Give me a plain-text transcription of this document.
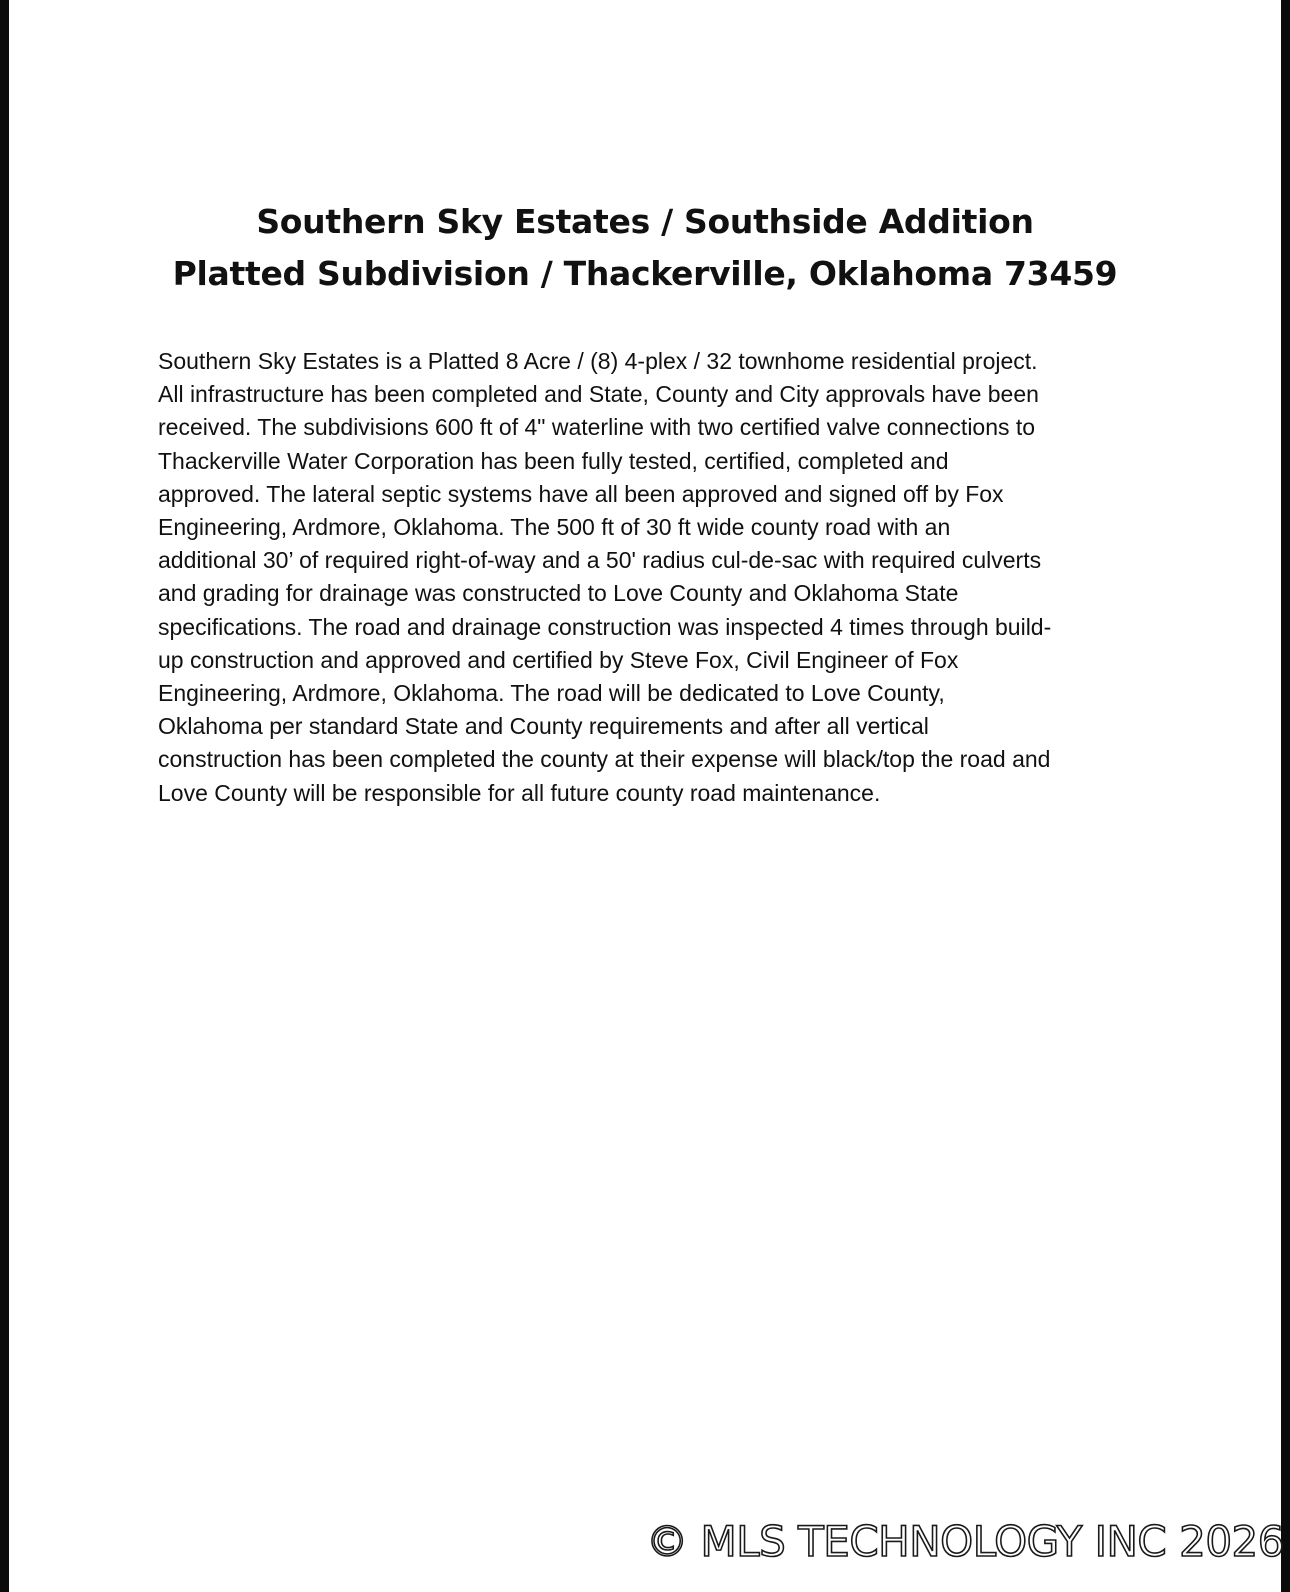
Southern Sky Estates / Southside Addition
Platted Subdivision / Thackerville, Oklahoma 73459
Southern Sky Estates is a Platted 8 Acre / (8) 4-plex / 32 townhome residential project.
All infrastructure has been completed and State, County and City approvals have been
received. The subdivisions 600 ft of 4" waterline with two certified valve connections to
Thackerville Water Corporation has been fully tested, certified, completed and
approved. The lateral septic systems have all been approved and signed off by Fox
Engineering, Ardmore, Oklahoma. The 500 ft of 30 ft wide county road with an
additional 30’ of required right-of-way and a 50' radius cul-de-sac with required culverts
and grading for drainage was constructed to Love County and Oklahoma State
specifications. The road and drainage construction was inspected 4 times through build-
up construction and approved and certified by Steve Fox, Civil Engineer of Fox
Engineering, Ardmore, Oklahoma. The road will be dedicated to Love County,
Oklahoma per standard State and County requirements and after all vertical
construction has been completed the county at their expense will black/top the road and
Love County will be responsible for all future county road maintenance.
© MLS TECHNOLOGY INC 2026
